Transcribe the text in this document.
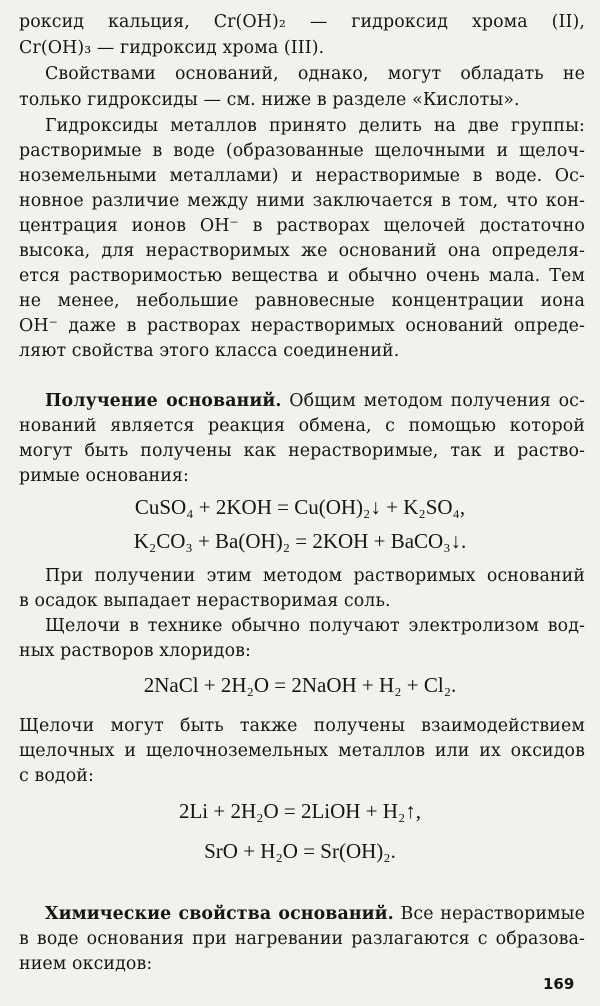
роксид кальция, Cr(OH)₂ — гидроксид хрома (II),
Cr(OH)₃ — гидроксид хрома (III).
Свойствами оснований, однако, могут обладать не
только гидроксиды — см. ниже в разделе «Кислоты».
Гидроксиды металлов принято делить на две группы:
растворимые в воде (образованные щелочными и щелоч-
ноземельными металлами) и нерастворимые в воде. Ос-
новное различие между ними заключается в том, что кон-
центрация ионов OH⁻ в растворах щелочей достаточно
высока, для нерастворимых же оснований она определя-
ется растворимостью вещества и обычно очень мала. Тем
не менее, небольшие равновесные концентрации иона
OH⁻ даже в растворах нерастворимых оснований опреде-
ляют свойства этого класса соединений.
Получение оснований. Общим методом получения ос-
нований является реакция обмена, с помощью которой
могут быть получены как нерастворимые, так и раство-
римые основания:
CuSO₄ + 2KOH = Cu(OH)₂↓ + K₂SO₄,
K₂CO₃ + Ba(OH)₂ = 2KOH + BaCO₃↓.
При получении этим методом растворимых оснований
в осадок выпадает нерастворимая соль.
Щелочи в технике обычно получают электролизом вод-
ных растворов хлоридов:
2NaCl + 2H₂O = 2NaOH + H₂ + Cl₂.
Щелочи могут быть также получены взаимодействием
щелочных и щелочноземельных металлов или их оксидов
с водой:
2Li + 2H₂O = 2LiOH + H₂↑,
SrO + H₂O = Sr(OH)₂.
Химические свойства оснований. Все нерастворимые
в воде основания при нагревании разлагаются с образова-
нием оксидов:
169
